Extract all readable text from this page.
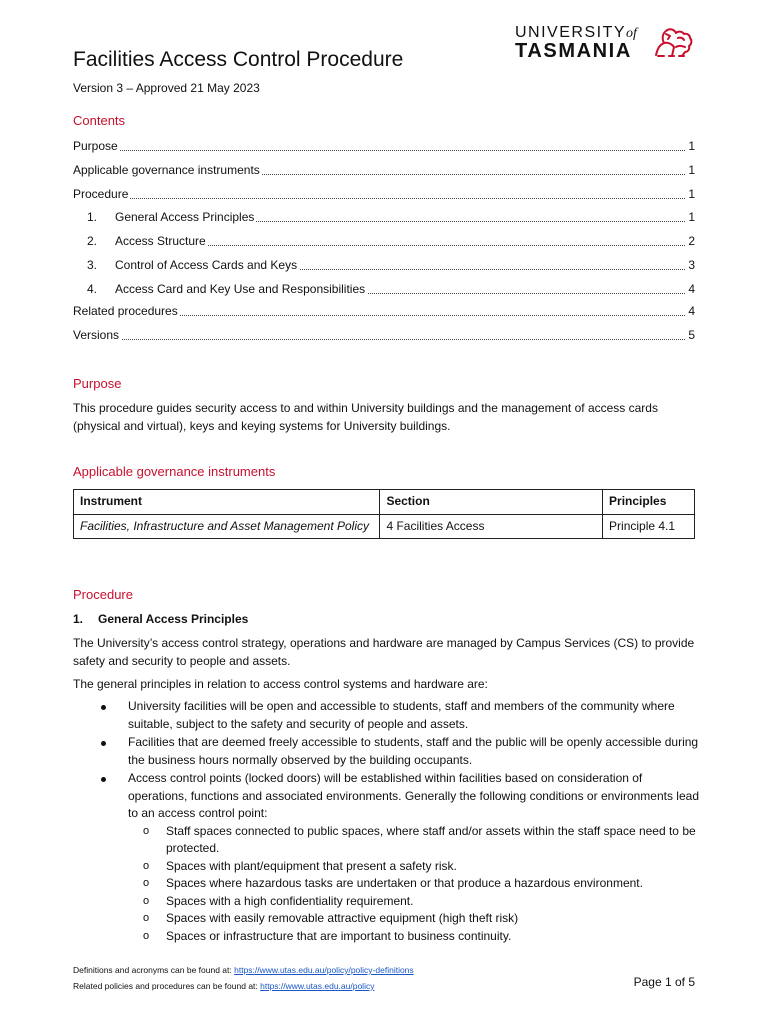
Facilities Access Control Procedure
Version 3 – Approved 21 May 2023
UNIVERSITYof
TASMANIA
Contents
Purpose	1
Applicable governance instruments	1
Procedure	1
1. General Access Principles	1
2. Access Structure	2
3. Control of Access Cards and Keys	3
4. Access Card and Key Use and Responsibilities	4
Related procedures	4
Versions	5
Purpose
This procedure guides security access to and within University buildings and the management of access cards (physical and virtual), keys and keying systems for University buildings.
Applicable governance instruments
Instrument	Section	Principles
Facilities, Infrastructure and Asset Management Policy	4 Facilities Access	Principle 4.1
Procedure
1. General Access Principles
The University’s access control strategy, operations and hardware are managed by Campus Services (CS) to provide safety and security to people and assets.
The general principles in relation to access control systems and hardware are:
University facilities will be open and accessible to students, staff and members of the community where suitable, subject to the safety and security of people and assets.
Facilities that are deemed freely accessible to students, staff and the public will be openly accessible during the business hours normally observed by the building occupants.
Access control points (locked doors) will be established within facilities based on consideration of operations, functions and associated environments. Generally the following conditions or environments lead to an access control point:
o Staff spaces connected to public spaces, where staff and/or assets within the staff space need to be protected.
o Spaces with plant/equipment that present a safety risk.
o Spaces where hazardous tasks are undertaken or that produce a hazardous environment.
o Spaces with a high confidentiality requirement.
o Spaces with easily removable attractive equipment (high theft risk)
o Spaces or infrastructure that are important to business continuity.
Definitions and acronyms can be found at: https://www.utas.edu.au/policy/policy-definitions
Related policies and procedures can be found at: https://www.utas.edu.au/policy	Page 1 of 5
